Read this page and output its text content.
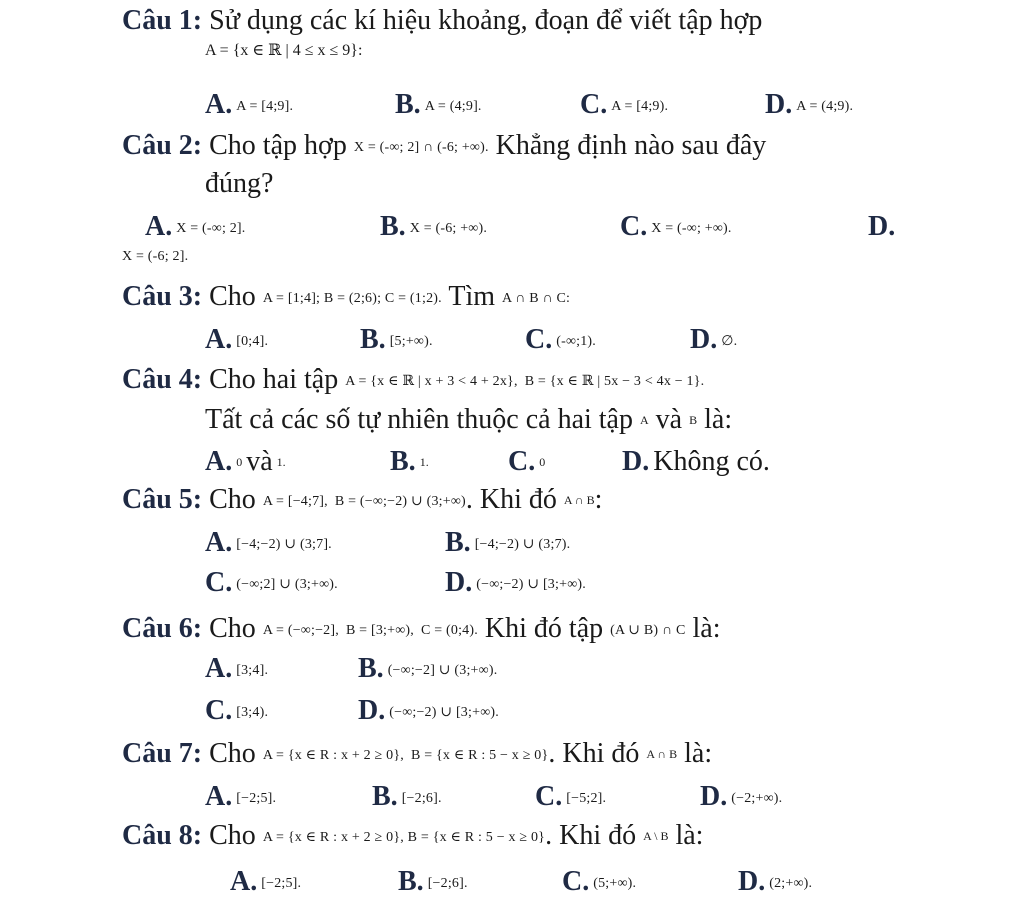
Câu 1: Sử dụng các kí hiệu khoảng, đoạn để viết tập hợp
A = {x ∈ ℝ | 4 ≤ x ≤ 9}:
A. A = [4;9].	B. A = (4;9].	C. A = [4;9).	D. A = (4;9).
Câu 2: Cho tập hợp X = (-∞; 2] ∩ (-6; +∞). Khẳng định nào sau đây
đúng?
A. X = (-∞; 2].	B. X = (-6; +∞).	C. X = (-∞; +∞).	D.
X = (-6; 2].
Câu 3: Cho A = [1;4]; B = (2;6); C = (1;2). Tìm A ∩ B ∩ C:
A. [0;4].	B. [5;+∞).	C. (-∞;1).	D. ∅.
Câu 4: Cho hai tập A = {x ∈ ℝ | x + 3 < 4 + 2x}, B = {x ∈ ℝ | 5x − 3 < 4x − 1}.
Tất cả các số tự nhiên thuộc cả hai tập A và B là:
A. $^0$ và $^{1.}$	B. $^{1.}$	C. $^0$	D. Không có.
Câu 5: Cho A = [−4;7], B = (−∞;−2) ∪ (3;+∞). Khi đó A ∩ B:
A. [−4;−2) ∪ (3;7].	B. [−4;−2) ∪ (3;7).
C. (−∞;2] ∪ (3;+∞).	D. (−∞;−2) ∪ [3;+∞).
Câu 6: Cho A = (−∞;−2], B = [3;+∞), C = (0;4). Khi đó tập (A ∪ B) ∩ C là:
A. [3;4].	B. (−∞;−2] ∪ (3;+∞).
C. [3;4).	D. (−∞;−2) ∪ [3;+∞).
Câu 7: Cho A = {x ∈ R : x + 2 ≥ 0}, B = {x ∈ R : 5 − x ≥ 0}. Khi đó A ∩ B là:
A. [−2;5].	B. [−2;6].	C. [−5;2].	D. (−2;+∞).
Câu 8: Cho A = {x ∈ R : x + 2 ≥ 0}, B = {x ∈ R : 5 − x ≥ 0}. Khi đó A \ B là:
A. [−2;5].	B. [−2;6].	C. (5;+∞).	D. (2;+∞).
